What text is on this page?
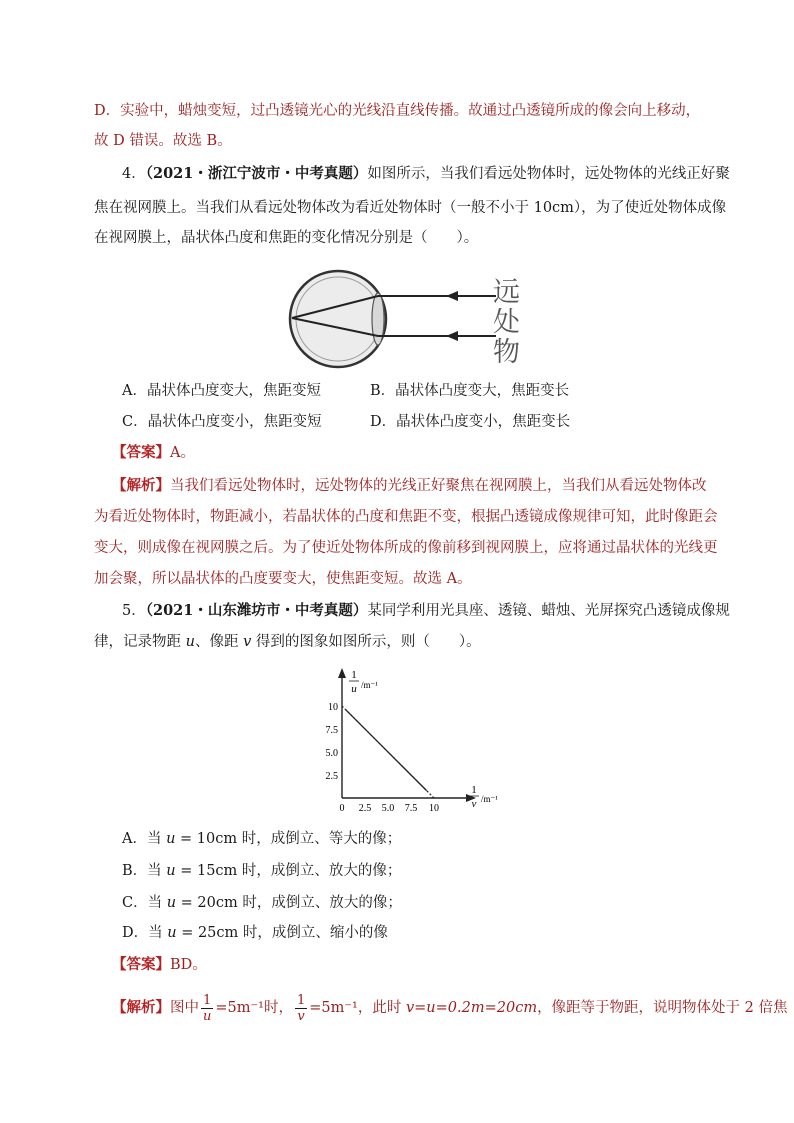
D．实验中，蜡烛变短，过凸透镜光心的光线沿直线传播。故通过凸透镜所成的像会向上移动，
故 D 错误。故选 B。
4．（2021・浙江宁波市・中考真题）如图所示，当我们看远处物体时，远处物体的光线正好聚
焦在视网膜上。当我们从看远处物体改为看近处物体时（一般不小于 10cm），为了使近处物体成像
在视网膜上，晶状体凸度和焦距的变化情况分别是（　　）。
远
处
物
A．晶状体凸度变大，焦距变短	B．晶状体凸度变大，焦距变长
C．晶状体凸度变小，焦距变短	D．晶状体凸度变小，焦距变长
【答案】A。
【解析】当我们看远处物体时，远处物体的光线正好聚焦在视网膜上，当我们从看远处物体改
为看近处物体时，物距减小，若晶状体的凸度和焦距不变，根据凸透镜成像规律可知，此时像距会
变大，则成像在视网膜之后。为了使近处物体所成的像前移到视网膜上，应将通过晶状体的光线更
加会聚，所以晶状体的凸度要变大，使焦距变短。故选 A。
5．（2021・山东潍坊市・中考真题）某同学利用光具座、透镜、蜡烛、光屏探究凸透镜成像规
律，记录物距 u、像距 v 得到的图象如图所示，则（　　）。
1
u /m⁻¹
1
v /m⁻¹
0 2.5 5.0 7.5 10
2.5
5.0
7.5
10
A．当 u = 10cm 时，成倒立、等大的像；
B．当 u = 15cm 时，成倒立、放大的像；
C．当 u = 20cm 时，成倒立、放大的像；
D．当 u = 25cm 时，成倒立、缩小的像
【答案】BD。
【解析】图中 $\frac{1}{u} =5m^{-1}$时， $\frac{1}{v} =5m^{-1}$，此时 v=u=0.2m=20cm，像距等于物距，说明物体处于 2 倍焦
